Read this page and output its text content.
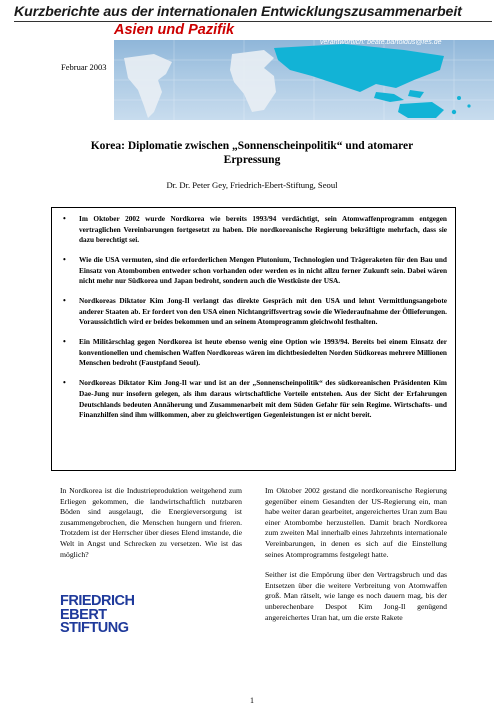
Kurzberichte aus der internationalen Entwicklungszusammenarbeit
Asien und Pazifik
verantwortlich: beate.bartoldus@fes.de
Februar 2003
Korea: Diplomatie zwischen „Sonnenscheinpolitik“ und atomarer
Erpressung
Dr. Dr. Peter Gey, Friedrich-Ebert-Stiftung, Seoul
• Im Oktober 2002 wurde Nordkorea wie bereits 1993/94 verdächtigt, sein Atomwaffenprogramm entgegen vertraglichen Vereinbarungen fortgesetzt zu haben. Die nordkoreanische Regierung bekräftigte mehrfach, dass sie dazu berechtigt sei.
• Wie die USA vermuten, sind die erforderlichen Mengen Plutonium, Technologien und Trägeraketen für den Bau und Einsatz von Atombomben entweder schon vorhanden oder werden es in nicht allzu ferner Zukunft sein. Dabei wären nicht mehr nur Südkorea und Japan bedroht, sondern auch die Westküste der USA.
• Nordkoreas Diktator Kim Jong-Il verlangt das direkte Gespräch mit den USA und lehnt Vermittlungsangebote anderer Staaten ab. Er fordert von den USA einen Nichtangriffsvertrag sowie die Wiederaufnahme der Öllieferungen. Voraussichtlich wird er beides bekommen und an seinem Atomprogramm gleichwohl festhalten.
• Ein Militärschlag gegen Nordkorea ist heute ebenso wenig eine Option wie 1993/94. Bereits bei einem Einsatz der konventionellen und chemischen Waffen Nordkoreas wären im dichtbesiedelten Norden Südkoreas mehrere Millionen Menschen bedroht (Faustpfand Seoul).
• Nordkoreas Diktator Kim Jong-Il war und ist an der „Sonnenscheinpolitik“ des südkoreanischen Präsidenten Kim Dae-Jung nur insofern gelegen, als ihm daraus wirtschaftliche Vorteile entstehen. Aus der Sicht der Erfahrungen Deutschlands bedeuten Annäherung und Zusammenarbeit mit dem Süden Gefahr für sein Regime. Wirtschafts- und Finanzhilfen sind ihm willkommen, aber zu gleichwertigen Gegenleistungen ist er nicht bereit.

In Nordkorea ist die Industrieproduktion weitgehend zum Erliegen gekommen, die landwirtschaftlich nutzbaren Böden sind ausgelaugt, die Energieversorgung ist zusammengebrochen, die Menschen hungern und frieren. Trotzdem ist der Herrscher über dieses Elend imstande, die Welt in Angst und Schrecken zu versetzen. Wie ist das möglich?

Im Oktober 2002 gestand die nordkoreanische Regierung gegenüber einem Gesandten der US-Regierung ein, man habe weiter daran gearbeitet, angereichertes Uran zum Bau einer Atombombe herzustellen. Damit brach Nordkorea zum zweiten Mal innerhalb eines Jahrzehnts internationale Vereinbarungen, in denen es sich auf die Einstellung seines Atomprogramms festgelegt hatte.

Seither ist die Empörung über den Vertragsbruch und das Entsetzen über die weitere Verbreitung von Atomwaffen groß. Man rätselt, wie lange es noch dauern mag, bis der unberechenbare Despot Kim Jong-Il genügend angereichertes Uran hat, um die erste Rakete

FRIEDRICH
EBERT
STIFTUNG
1
